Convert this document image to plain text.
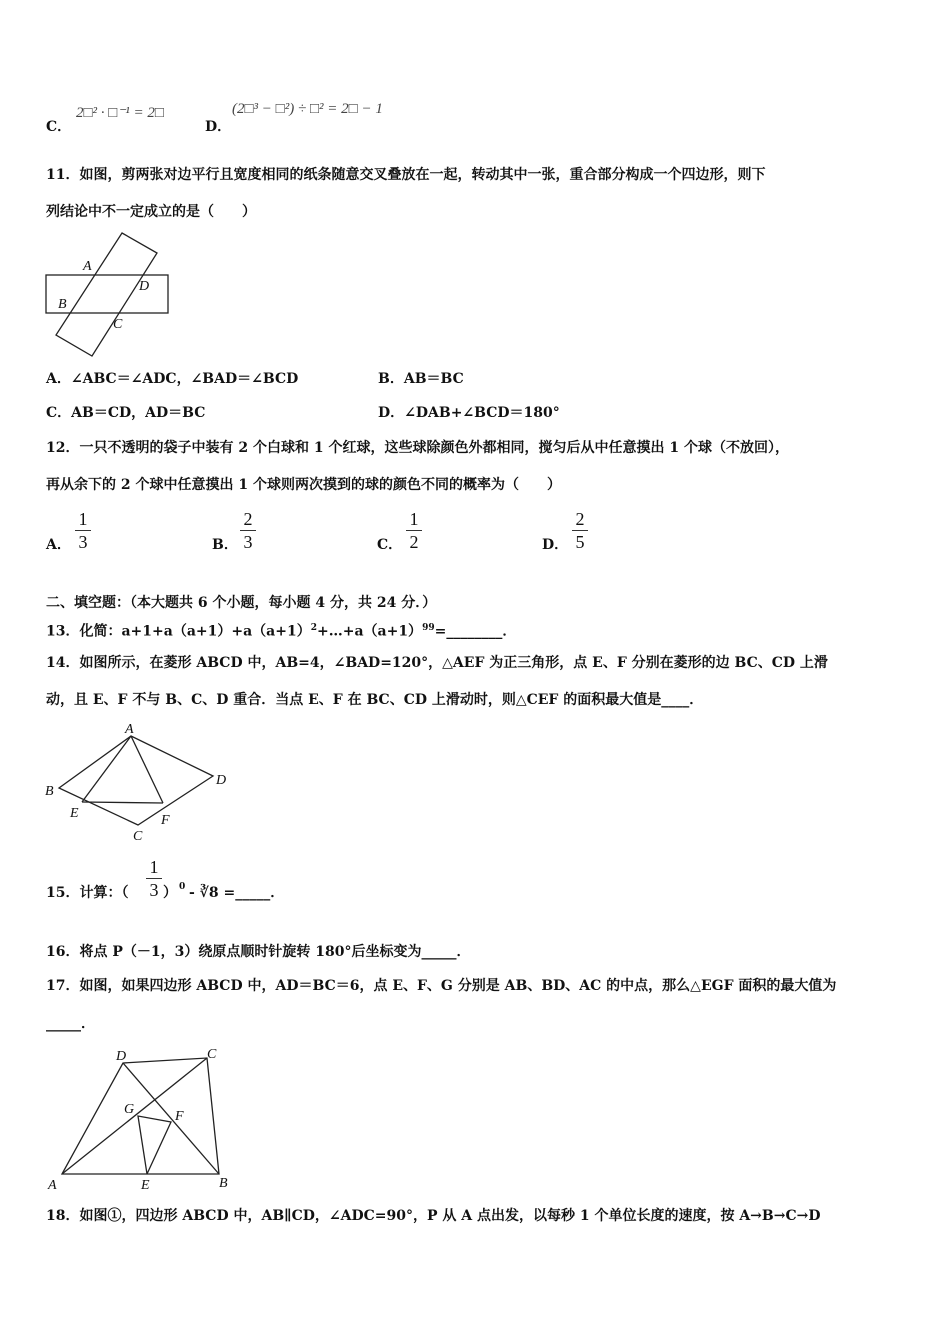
C．
2□² · □⁻¹ = 2□
D．
(2□³ − □²) ÷ □² = 2□ − 1
11．如图，剪两张对边平行且宽度相同的纸条随意交叉叠放在一起，转动其中一张，重合部分构成一个四边形，则下
列结论中不一定成立的是（　　）
A
B
C
D
A．∠ABC＝∠ADC，∠BAD＝∠BCD	B．AB＝BC
C．AB＝CD，AD＝BC	D．∠DAB+∠BCD＝180°
12．一只不透明的袋子中装有 2 个白球和 1 个红球，这些球除颜色外都相同，搅匀后从中任意摸出 1 个球（不放回），
再从余下的 2 个球中任意摸出 1 个球则两次摸到的球的颜色不同的概率为（　　）
A．
1
3	B．
2
3	C．
1
2	D．
2
5
二、填空题：（本大题共 6 个小题，每小题 4 分，共 24 分．）
13．化简：$a+1+a(a+1)+a(a+1)^2+\dots+a(a+1)^{99}=\_\_\_\_\_\_\_\_$．
14．如图所示，在菱形 ABCD 中，AB=4，∠BAD=120°，△AEF 为正三角形，点 E、F 分别在菱形的边 BC、CD 上滑
动，且 E、F 不与 B、C、D 重合．当点 E、F 在 BC、CD 上滑动时，则△CEF 的面积最大值是____．
A
B
C
D
E	F
15．计算：（
1
3 ） 0 - ∛8 =_____．
16．将点 P（－1，3）绕原点顺时针旋转 180°后坐标变为_____．
17．如图，如果四边形 ABCD 中，AD＝BC＝6，点 E、F、G 分别是 AB、BD、AC 的中点，那么△EGF 面积的最大值为
_____．
D	C
G	F
A	E	B
18．如图①，四边形 ABCD 中，AB∥CD，∠ADC=90°，P 从 A 点出发，以每秒 1 个单位长度的速度，按 A→B→C→D
